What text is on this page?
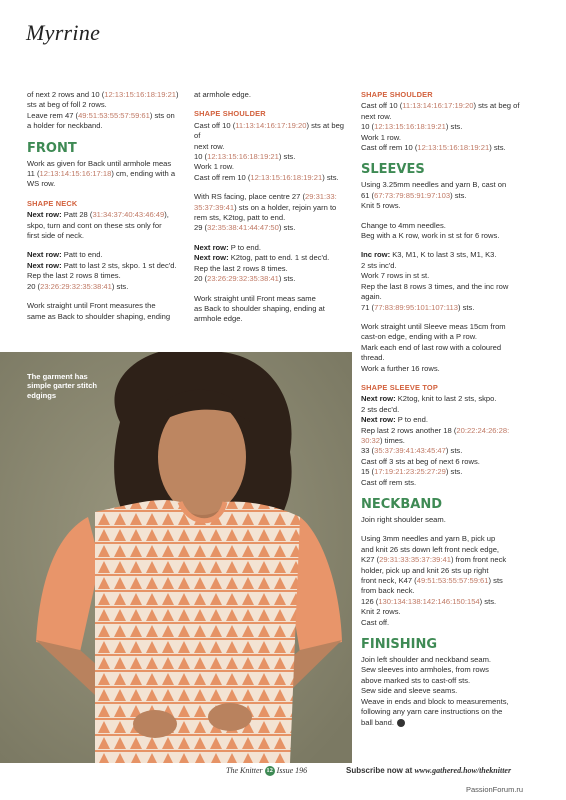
Myrrine

of next 2 rows and 10 (12:13:15:16:18:19:21)
sts at beg of foll 2 rows.
Leave rem 47 (49:51:53:55:57:59:61) sts on
a holder for neckband.

FRONT

Work as given for Back until armhole meas
11 (12:13:14:15:16:17:18) cm, ending with a
WS row.

SHAPE NECK

Next row: Patt 28 (31:34:37:40:43:46:49),
skpo, turn and cont on these sts only for
first side of neck.

Next row: Patt to end.
Next row: Patt to last 2 sts, skpo. 1 st dec'd.
Rep the last 2 rows 8 times.
20 (23:26:29:32:35:38:41) sts.

Work straight until Front measures the
same as Back to shoulder shaping, ending

at armhole edge.

SHAPE SHOULDER

Cast off 10 (11:13:14:16:17:19:20) sts at beg of
next row.
10 (12:13:15:16:18:19:21) sts.
Work 1 row.
Cast off rem 10 (12:13:15:16:18:19:21) sts.

With RS facing, place centre 27 (29:31:33:
35:37:39:41) sts on a holder, rejoin yarn to
rem sts, K2tog, patt to end.
29 (32:35:38:41:44:47:50) sts.

Next row: P to end.
Next row: K2tog, patt to end. 1 st dec'd.
Rep the last 2 rows 8 times.
20 (23:26:29:32:35:38:41) sts.

Work straight until Front meas same
as Back to shoulder shaping, ending at
armhole edge.

SHAPE SHOULDER

Cast off 10 (11:13:14:16:17:19:20) sts at beg of
next row.
10 (12:13:15:16:18:19:21) sts.
Work 1 row.
Cast off rem 10 (12:13:15:16:18:19:21) sts.

SLEEVES

Using 3.25mm needles and yarn B, cast on
61 (67:73:79:85:91:97:103) sts.
Knit 5 rows.

Change to 4mm needles.
Beg with a K row, work in st st for 6 rows.

Inc row: K3, M1, K to last 3 sts, M1, K3.
2 sts inc'd.
Work 7 rows in st st.
Rep the last 8 rows 3 times, and the inc row
again.
71 (77:83:89:95:101:107:113) sts.

Work straight until Sleeve meas 15cm from
cast-on edge, ending with a P row.
Mark each end of last row with a coloured
thread.
Work a further 16 rows.

SHAPE SLEEVE TOP

Next row: K2tog, knit to last 2 sts, skpo.
2 sts dec'd.
Next row: P to end.
Rep last 2 rows another 18 (20:22:24:26:28:
30:32) times.
33 (35:37:39:41:43:45:47) sts.
Cast off 3 sts at beg of next 6 rows.
15 (17:19:21:23:25:27:29) sts.
Cast off rem sts.

NECKBAND

Join right shoulder seam.

Using 3mm needles and yarn B, pick up
and knit 26 sts down left front neck edge,
K27 (29:31:33:35:37:39:41) from front neck
holder, pick up and knit 26 sts up right
front neck, K47 (49:51:53:55:57:59:61) sts
from back neck.
126 (130:134:138:142:146:150:154) sts.
Knit 2 rows.
Cast off.

FINISHING

Join left shoulder and neckband seam.
Sew sleeves into armholes, from rows
above marked sts to cast-off sts.
Sew side and sleeve seams.
Weave in ends and block to measurements,
following any yarn care instructions on the
ball band.

The garment has simple garter stitch edgings
The Knitter 12 Issue 196	Subscribe now at www.gathered.how/theknitter
PassionForum.ru
